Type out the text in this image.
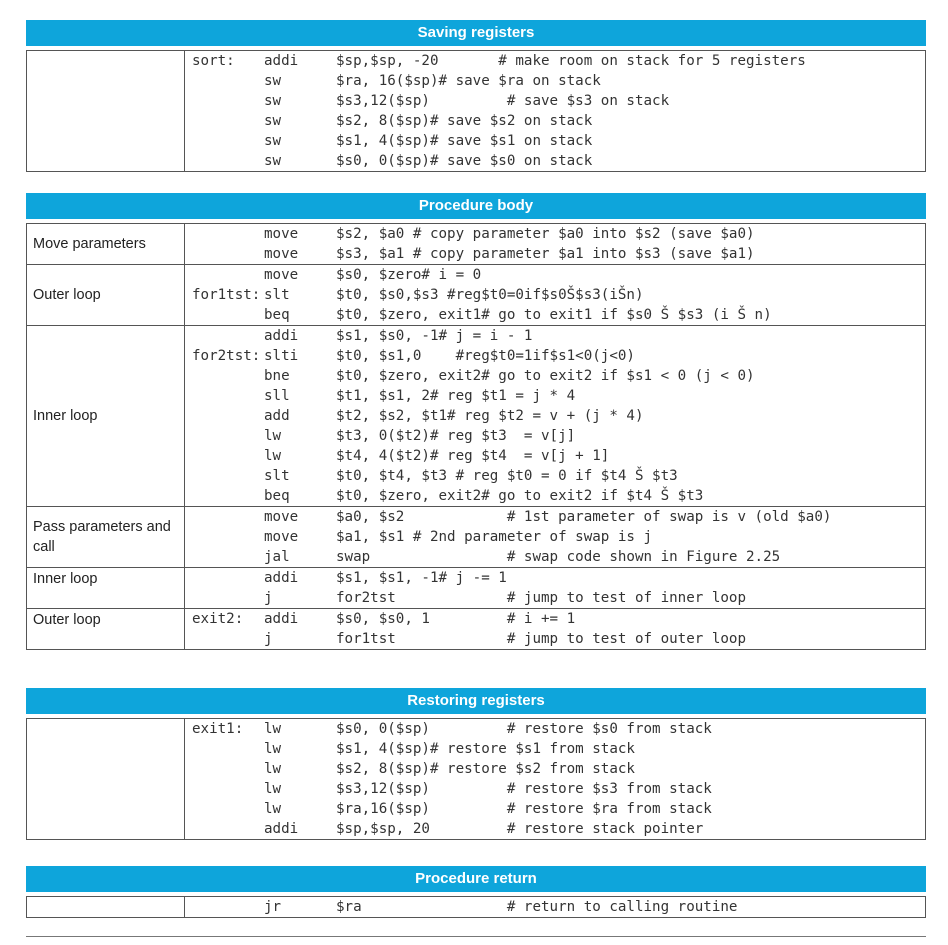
Saving registers
sort: addi	$sp,$sp, -20       # make room on stack for 5 registers
sw	$ra, 16($sp)# save $ra on stack
sw	$s3,12($sp)         # save $s3 on stack
sw	$s2, 8($sp)# save $s2 on stack
sw	$s1, 4($sp)# save $s1 on stack
sw	$s0, 0($sp)# save $s0 on stack
Procedure body
Move parameters
move	$s2, $a0 # copy parameter $a0 into $s2 (save $a0)
move	$s3, $a1 # copy parameter $a1 into $s3 (save $a1)
Outer loop
move	$s0, $zero# i = 0
for1tst: slt	$t0, $s0,$s3 #reg$t0=0if$s0Š$s3(iŠn)
beq	$t0, $zero, exit1# go to exit1 if $s0 Š $s3 (i Š n)
Inner loop
addi	$s1, $s0, -1# j = i - 1
for2tst: slti	$t0, $s1,0    #reg$t0=1if$s1<0(j<0)
bne	$t0, $zero, exit2# go to exit2 if $s1 < 0 (j < 0)
sll	$t1, $s1, 2# reg $t1 = j * 4
add	$t2, $s2, $t1# reg $t2 = v + (j * 4)
lw	$t3, 0($t2)# reg $t3  = v[j]
lw	$t4, 4($t2)# reg $t4  = v[j + 1]
slt	$t0, $t4, $t3 # reg $t0 = 0 if $t4 Š $t3
beq	$t0, $zero, exit2# go to exit2 if $t4 Š $t3
Pass parameters and call
move	$a0, $s2            # 1st parameter of swap is v (old $a0)
move	$a1, $s1 # 2nd parameter of swap is j
jal	swap                # swap code shown in Figure 2.25
Inner loop	addi	$s1, $s1, -1# j -= 1
j	for2tst             # jump to test of inner loop
Outer loop	exit2: addi	$s0, $s0, 1         # i += 1
j	for1tst             # jump to test of outer loop
Restoring registers
exit1: lw	$s0, 0($sp)         # restore $s0 from stack
lw	$s1, 4($sp)# restore $s1 from stack
lw	$s2, 8($sp)# restore $s2 from stack
lw	$s3,12($sp)         # restore $s3 from stack
lw	$ra,16($sp)         # restore $ra from stack
addi	$sp,$sp, 20         # restore stack pointer
Procedure return
jr	$ra                 # return to calling routine
